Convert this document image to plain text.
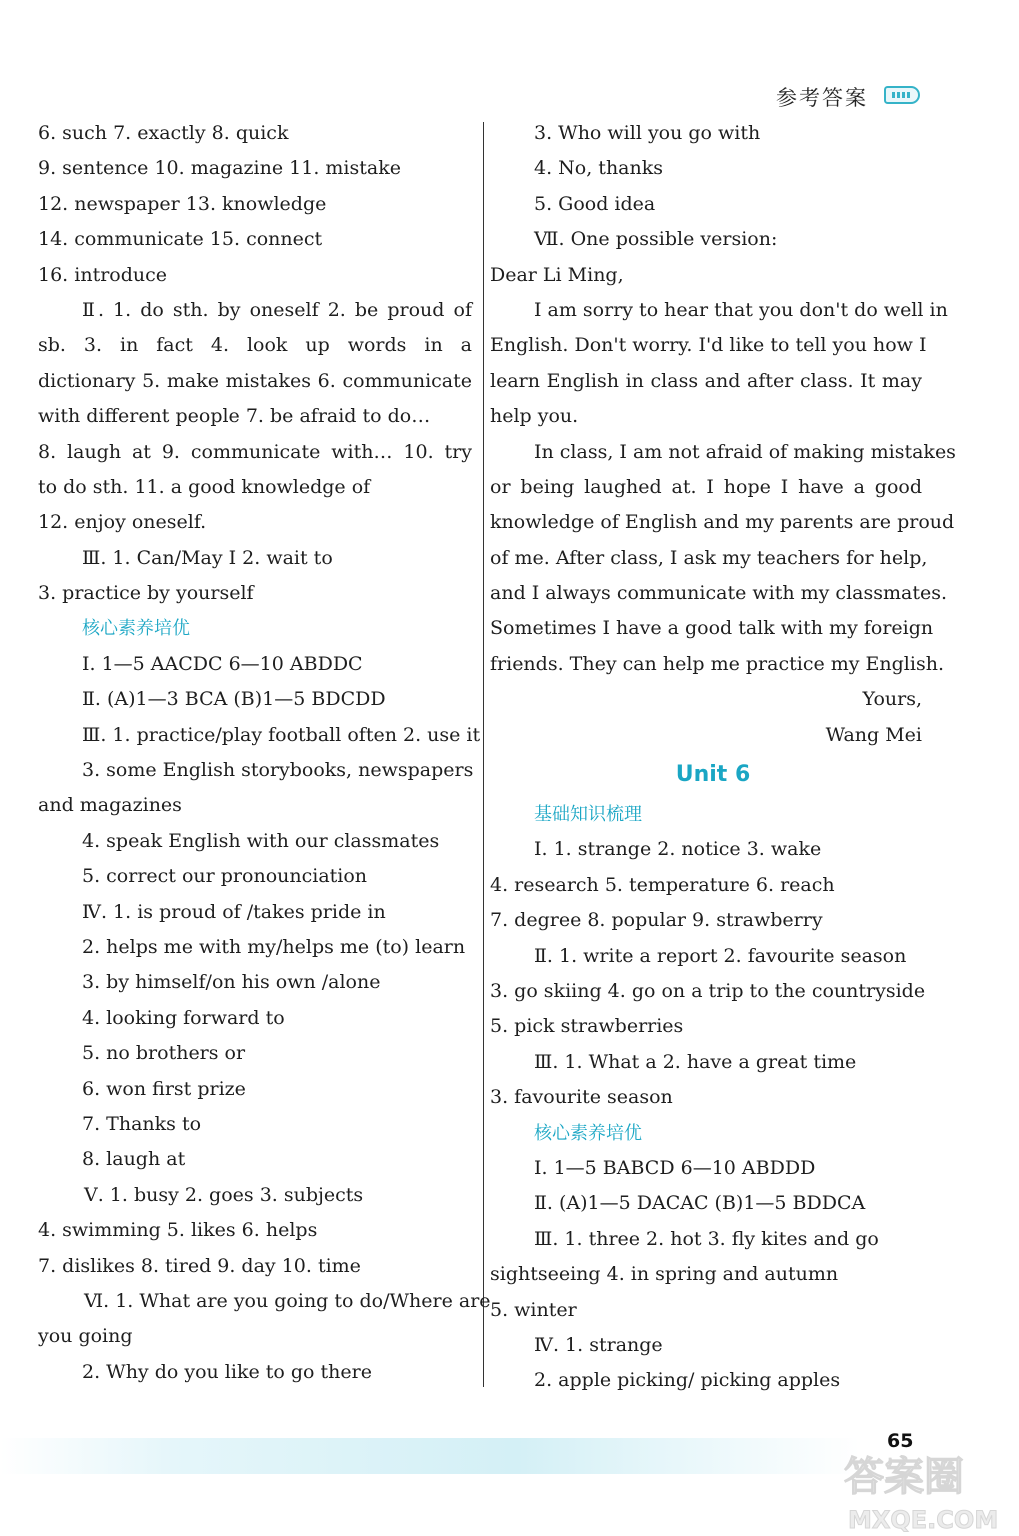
参考答案
6. such 7. exactly 8. quick
9. sentence 10. magazine 11. mistake
12. newspaper 13. knowledge
14. communicate 15. connect
16. introduce
Ⅱ. 1. do sth. by oneself 2. be proud of
sb. 3. in fact 4. look up words in a
dictionary 5. make mistakes 6. communicate
with different people 7. be afraid to do…
8. laugh at 9. communicate with… 10. try
to do sth. 11. a good knowledge of
12. enjoy oneself.
Ⅲ. 1. Can/May I 2. wait to
3. practice by yourself
核心素养培优
Ⅰ. 1—5 AACDC 6—10 ABDDC
Ⅱ. (A)1—3 BCA (B)1—5 BDCDD
Ⅲ. 1. practice/play football often 2. use it
3. some English storybooks, newspapers
and magazines
4. speak English with our classmates
5. correct our pronounciation
Ⅳ. 1. is proud of /takes pride in
2. helps me with my/helps me (to) learn
3. by himself/on his own /alone
4. looking forward to
5. no brothers or
6. won first prize
7. Thanks to
8. laugh at
Ⅴ. 1. busy 2. goes 3. subjects
4. swimming 5. likes 6. helps
7. dislikes 8. tired 9. day 10. time
Ⅵ. 1. What are you going to do/Where are
you going
2. Why do you like to go there
3. Who will you go with
4. No, thanks
5. Good idea
Ⅶ. One possible version:
Dear Li Ming,
I am sorry to hear that you don't do well in
English. Don't worry. I'd like to tell you how I
learn English in class and after class. It may
help you.
In class, I am not afraid of making mistakes
or being laughed at. I hope I have a good
knowledge of English and my parents are proud
of me. After class, I ask my teachers for help,
and I always communicate with my classmates.
Sometimes I have a good talk with my foreign
friends. They can help me practice my English.
Yours,
Wang Mei
Unit 6
基础知识梳理
Ⅰ. 1. strange 2. notice 3. wake
4. research 5. temperature 6. reach
7. degree 8. popular 9. strawberry
Ⅱ. 1. write a report 2. favourite season
3. go skiing 4. go on a trip to the countryside
5. pick strawberries
Ⅲ. 1. What a 2. have a great time
3. favourite season
核心素养培优
Ⅰ. 1—5 BABCD 6—10 ABDDD
Ⅱ. (A)1—5 DACAC (B)1—5 BDDCA
Ⅲ. 1. three 2. hot 3. fly kites and go
sightseeing 4. in spring and autumn
5. winter
Ⅳ. 1. strange
2. apple picking/ picking apples
65
答案圈
MXQE.COM
